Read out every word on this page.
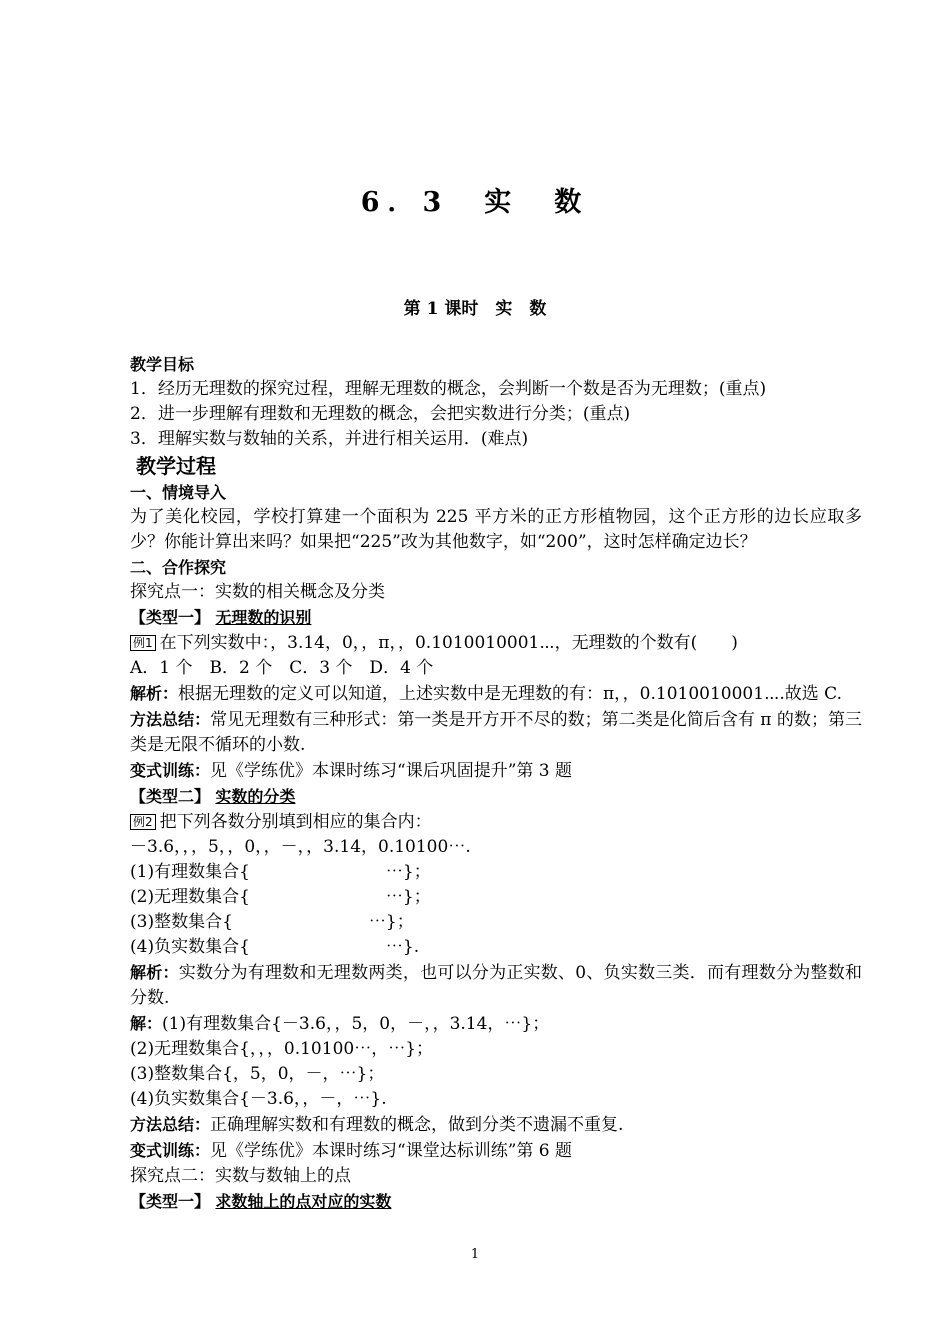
6．3　实　数
第 1 课时　实　数
教学目标
1．经历无理数的探究过程，理解无理数的概念，会判断一个数是否为无理数；(重点)
2．进一步理解有理数和无理数的概念，会把实数进行分类；(重点)
3．理解实数与数轴的关系，并进行相关运用．(难点)
教学过程
一、情境导入
为了美化校园，学校打算建一个面积为 225 平方米的正方形植物园，这个正方形的边长应取多少？你能计算出来吗？如果把“225”改为其他数字，如“200”，这时怎样确定边长？
二、合作探究
探究点一：实数的相关概念及分类
【类型一】 无理数的识别
例1 在下列实数中：，3.14，0，，π，，0.1010010001⋯，无理数的个数有(　　)
A．1 个　B．2 个　C．3 个　D．4 个
解析：根据无理数的定义可以知道，上述实数中是无理数的有：π，，0.1010010001⋯.故选 C.
方法总结：常见无理数有三种形式：第一类是开方开不尽的数；第二类是化简后含有 π 的数；第三类是无限不循环的小数.
变式训练：见《学练优》本课时练习“课后巩固提升”第 3 题
【类型二】 实数的分类
例2 把下列各数分别填到相应的集合内：
－3.6，，，5，，0，，－，，3.14，0.10100⋯.
(1)有理数集合{　　　　　　　　⋯}；
(2)无理数集合{　　　　　　　　⋯}；
(3)整数集合{　　　　　　　　⋯}；
(4)负实数集合{　　　　　　　　⋯}.
解析：实数分为有理数和无理数两类，也可以分为正实数、0、负实数三类．而有理数分为整数和分数.
解：(1)有理数集合{－3.6，，5，0，－，，3.14，⋯}；
(2)无理数集合{，，，0.10100⋯，⋯}；
(3)整数集合{，5，0，－，⋯}；
(4)负实数集合{－3.6，，－，⋯}.
方法总结：正确理解实数和有理数的概念，做到分类不遗漏不重复.
变式训练：见《学练优》本课时练习“课堂达标训练”第 6 题
探究点二：实数与数轴上的点
【类型一】 求数轴上的点对应的实数
1
